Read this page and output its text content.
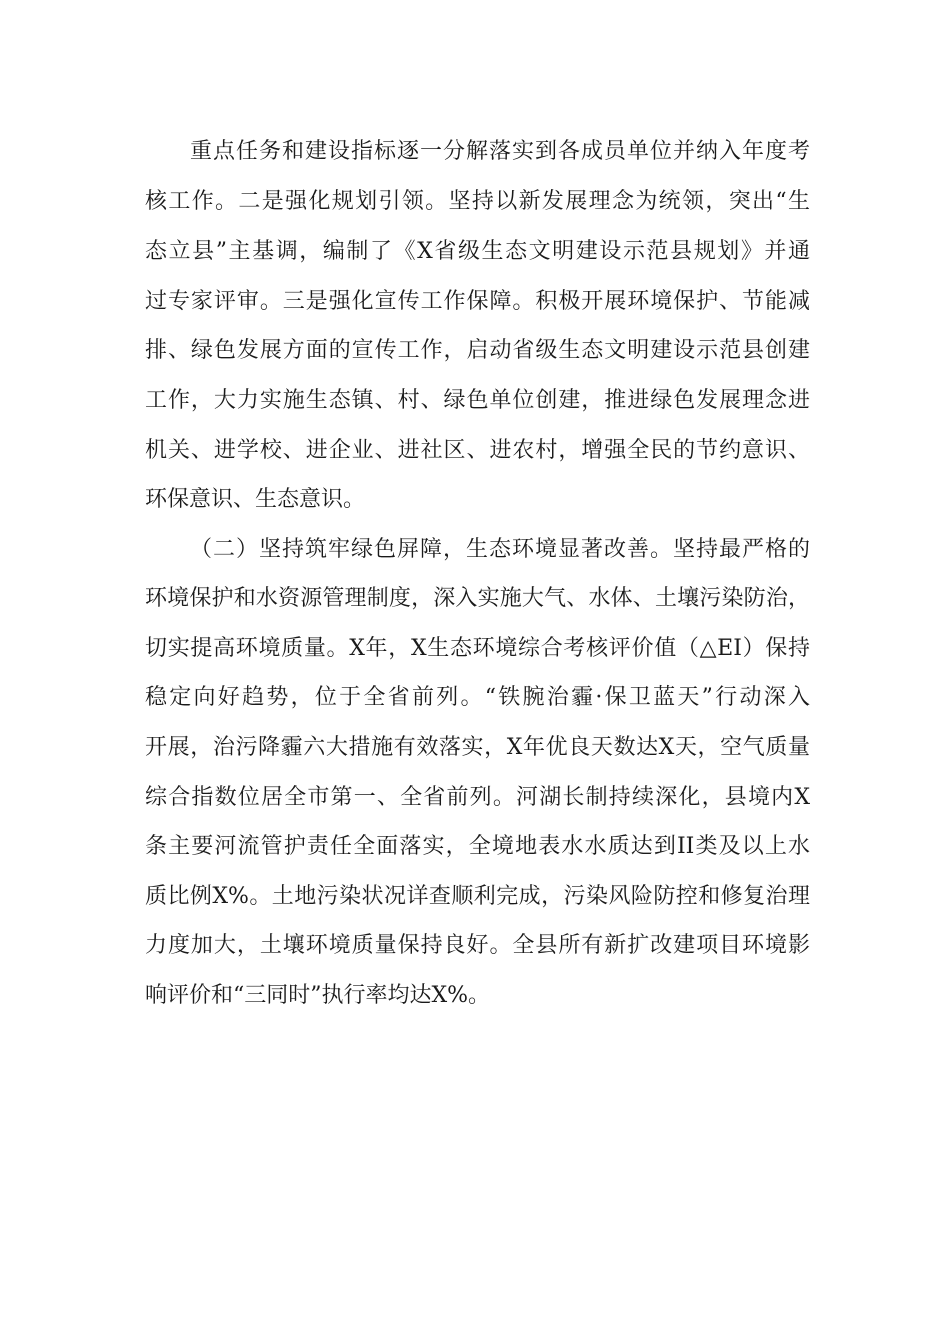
重点任务和建设指标逐一分解落实到各成员单位并纳入年度考
核工作。二是强化规划引领。坚持以新发展理念为统领，突出“生
态立县”主基调，编制了《X省级生态文明建设示范县规划》并通
过专家评审。三是强化宣传工作保障。积极开展环境保护、节能减
排、绿色发展方面的宣传工作，启动省级生态文明建设示范县创建
工作，大力实施生态镇、村、绿色单位创建，推进绿色发展理念进
机关、进学校、进企业、进社区、进农村，增强全民的节约意识、
环保意识、生态意识。
（二）坚持筑牢绿色屏障，生态环境显著改善。坚持最严格的
环境保护和水资源管理制度，深入实施大气、水体、土壤污染防治，
切实提高环境质量。X年，X生态环境综合考核评价值（△EI）保持
稳定向好趋势，位于全省前列。“铁腕治霾·保卫蓝天”行动深入
开展，治污降霾六大措施有效落实，X年优良天数达X天，空气质量
综合指数位居全市第一、全省前列。河湖长制持续深化，县境内X
条主要河流管护责任全面落实，全境地表水水质达到II类及以上水
质比例X%。土地污染状况详查顺利完成，污染风险防控和修复治理
力度加大，土壤环境质量保持良好。全县所有新扩改建项目环境影
响评价和“三同时”执行率均达X%。
